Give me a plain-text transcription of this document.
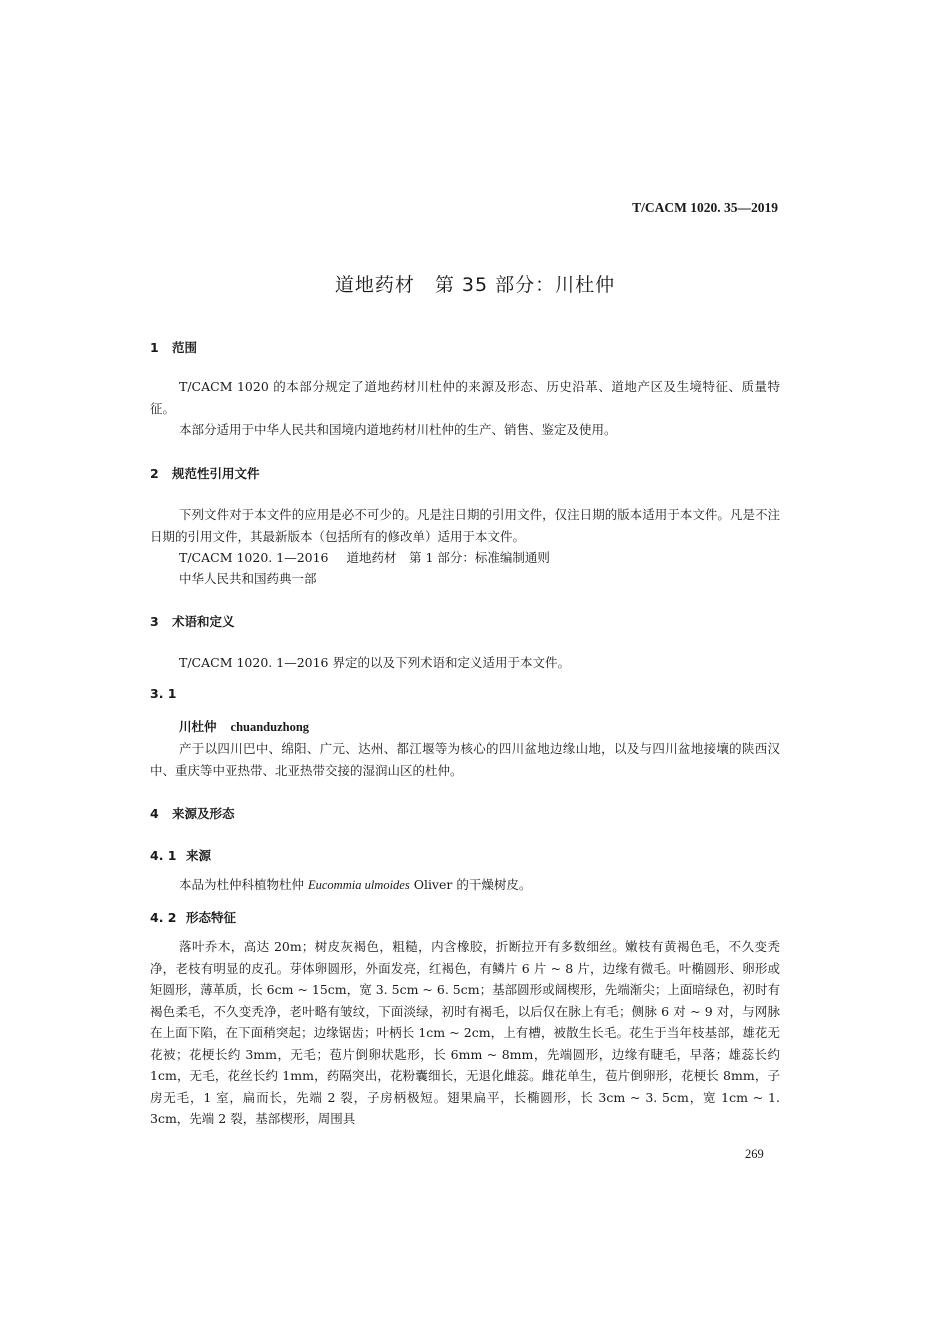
T/CACM 1020. 35—2019
道地药材　第 35 部分：川杜仲
1 范围

T/CACM 1020 的本部分规定了道地药材川杜仲的来源及形态、历史沿革、道地产区及生境特征、质量特征。

本部分适用于中华人民共和国境内道地药材川杜仲的生产、销售、鉴定及使用。

2 规范性引用文件

下列文件对于本文件的应用是必不可少的。凡是注日期的引用文件，仅注日期的版本适用于本文件。凡是不注日期的引用文件，其最新版本（包括所有的修改单）适用于本文件。

T/CACM 1020. 1—2016 道地药材　第 1 部分：标准编制通则
中华人民共和国药典一部
3 术语和定义

T/CACM 1020. 1—2016 界定的以及下列术语和定义适用于本文件。

3. 1
川杜仲 chuanduzhong

产于以四川巴中、绵阳、广元、达州、都江堰等为核心的四川盆地边缘山地，以及与四川盆地接壤的陕西汉中、重庆等中亚热带、北亚热带交接的湿润山区的杜仲。

4 来源及形态
4. 1 来源

本品为杜仲科植物杜仲 Eucommia ulmoides Oliver 的干燥树皮。

4. 2 形态特征

落叶乔木，高达 20m；树皮灰褐色，粗糙，内含橡胶，折断拉开有多数细丝。嫩枝有黄褐色毛，不久变秃净，老枝有明显的皮孔。芽体卵圆形，外面发亮，红褐色，有鳞片 6 片 ~ 8 片，边缘有微毛。叶椭圆形、卵形或矩圆形，薄革质，长 6cm ~ 15cm，宽 3. 5cm ~ 6. 5cm；基部圆形或阔楔形，先端渐尖；上面暗绿色，初时有褐色柔毛，不久变秃净，老叶略有皱纹，下面淡绿，初时有褐毛，以后仅在脉上有毛；侧脉 6 对 ~ 9 对，与网脉在上面下陷，在下面稍突起；边缘锯齿；叶柄长 1cm ~ 2cm，上有槽，被散生长毛。花生于当年枝基部，雄花无花被；花梗长约 3mm，无毛；苞片倒卵状匙形，长 6mm ~ 8mm，先端圆形，边缘有睫毛，早落；雄蕊长约 1cm，无毛，花丝长约 1mm，药隔突出，花粉囊细长，无退化雌蕊。雌花单生，苞片倒卵形，花梗长 8mm，子房无毛，1 室，扁而长，先端 2 裂，子房柄极短。翅果扁平，长椭圆形，长 3cm ~ 3. 5cm，宽 1cm ~ 1. 3cm，先端 2 裂，基部楔形，周围具

269
